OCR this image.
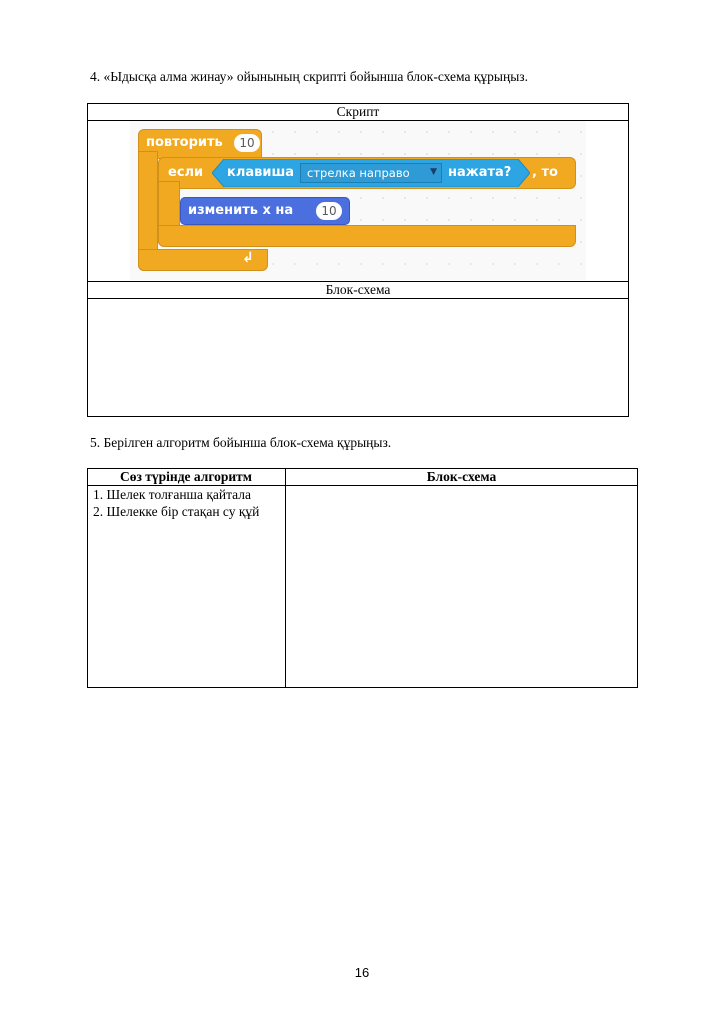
4. «Ыдысқа алма жинау» ойынының скрипті бойынша блок-схема құрыңыз.
Скрипт
Блок-схема
повторить	10
↲
если	, то
клавиша стрелка направо ▼ нажата?
изменить х на	10
5. Берілген алгоритм бойынша блок-схема құрыңыз.
Сөз түрінде алгоритм	Блок-схема
1. Шелек толғанша қайтала
2. Шелекке бір стақан су құй
16
